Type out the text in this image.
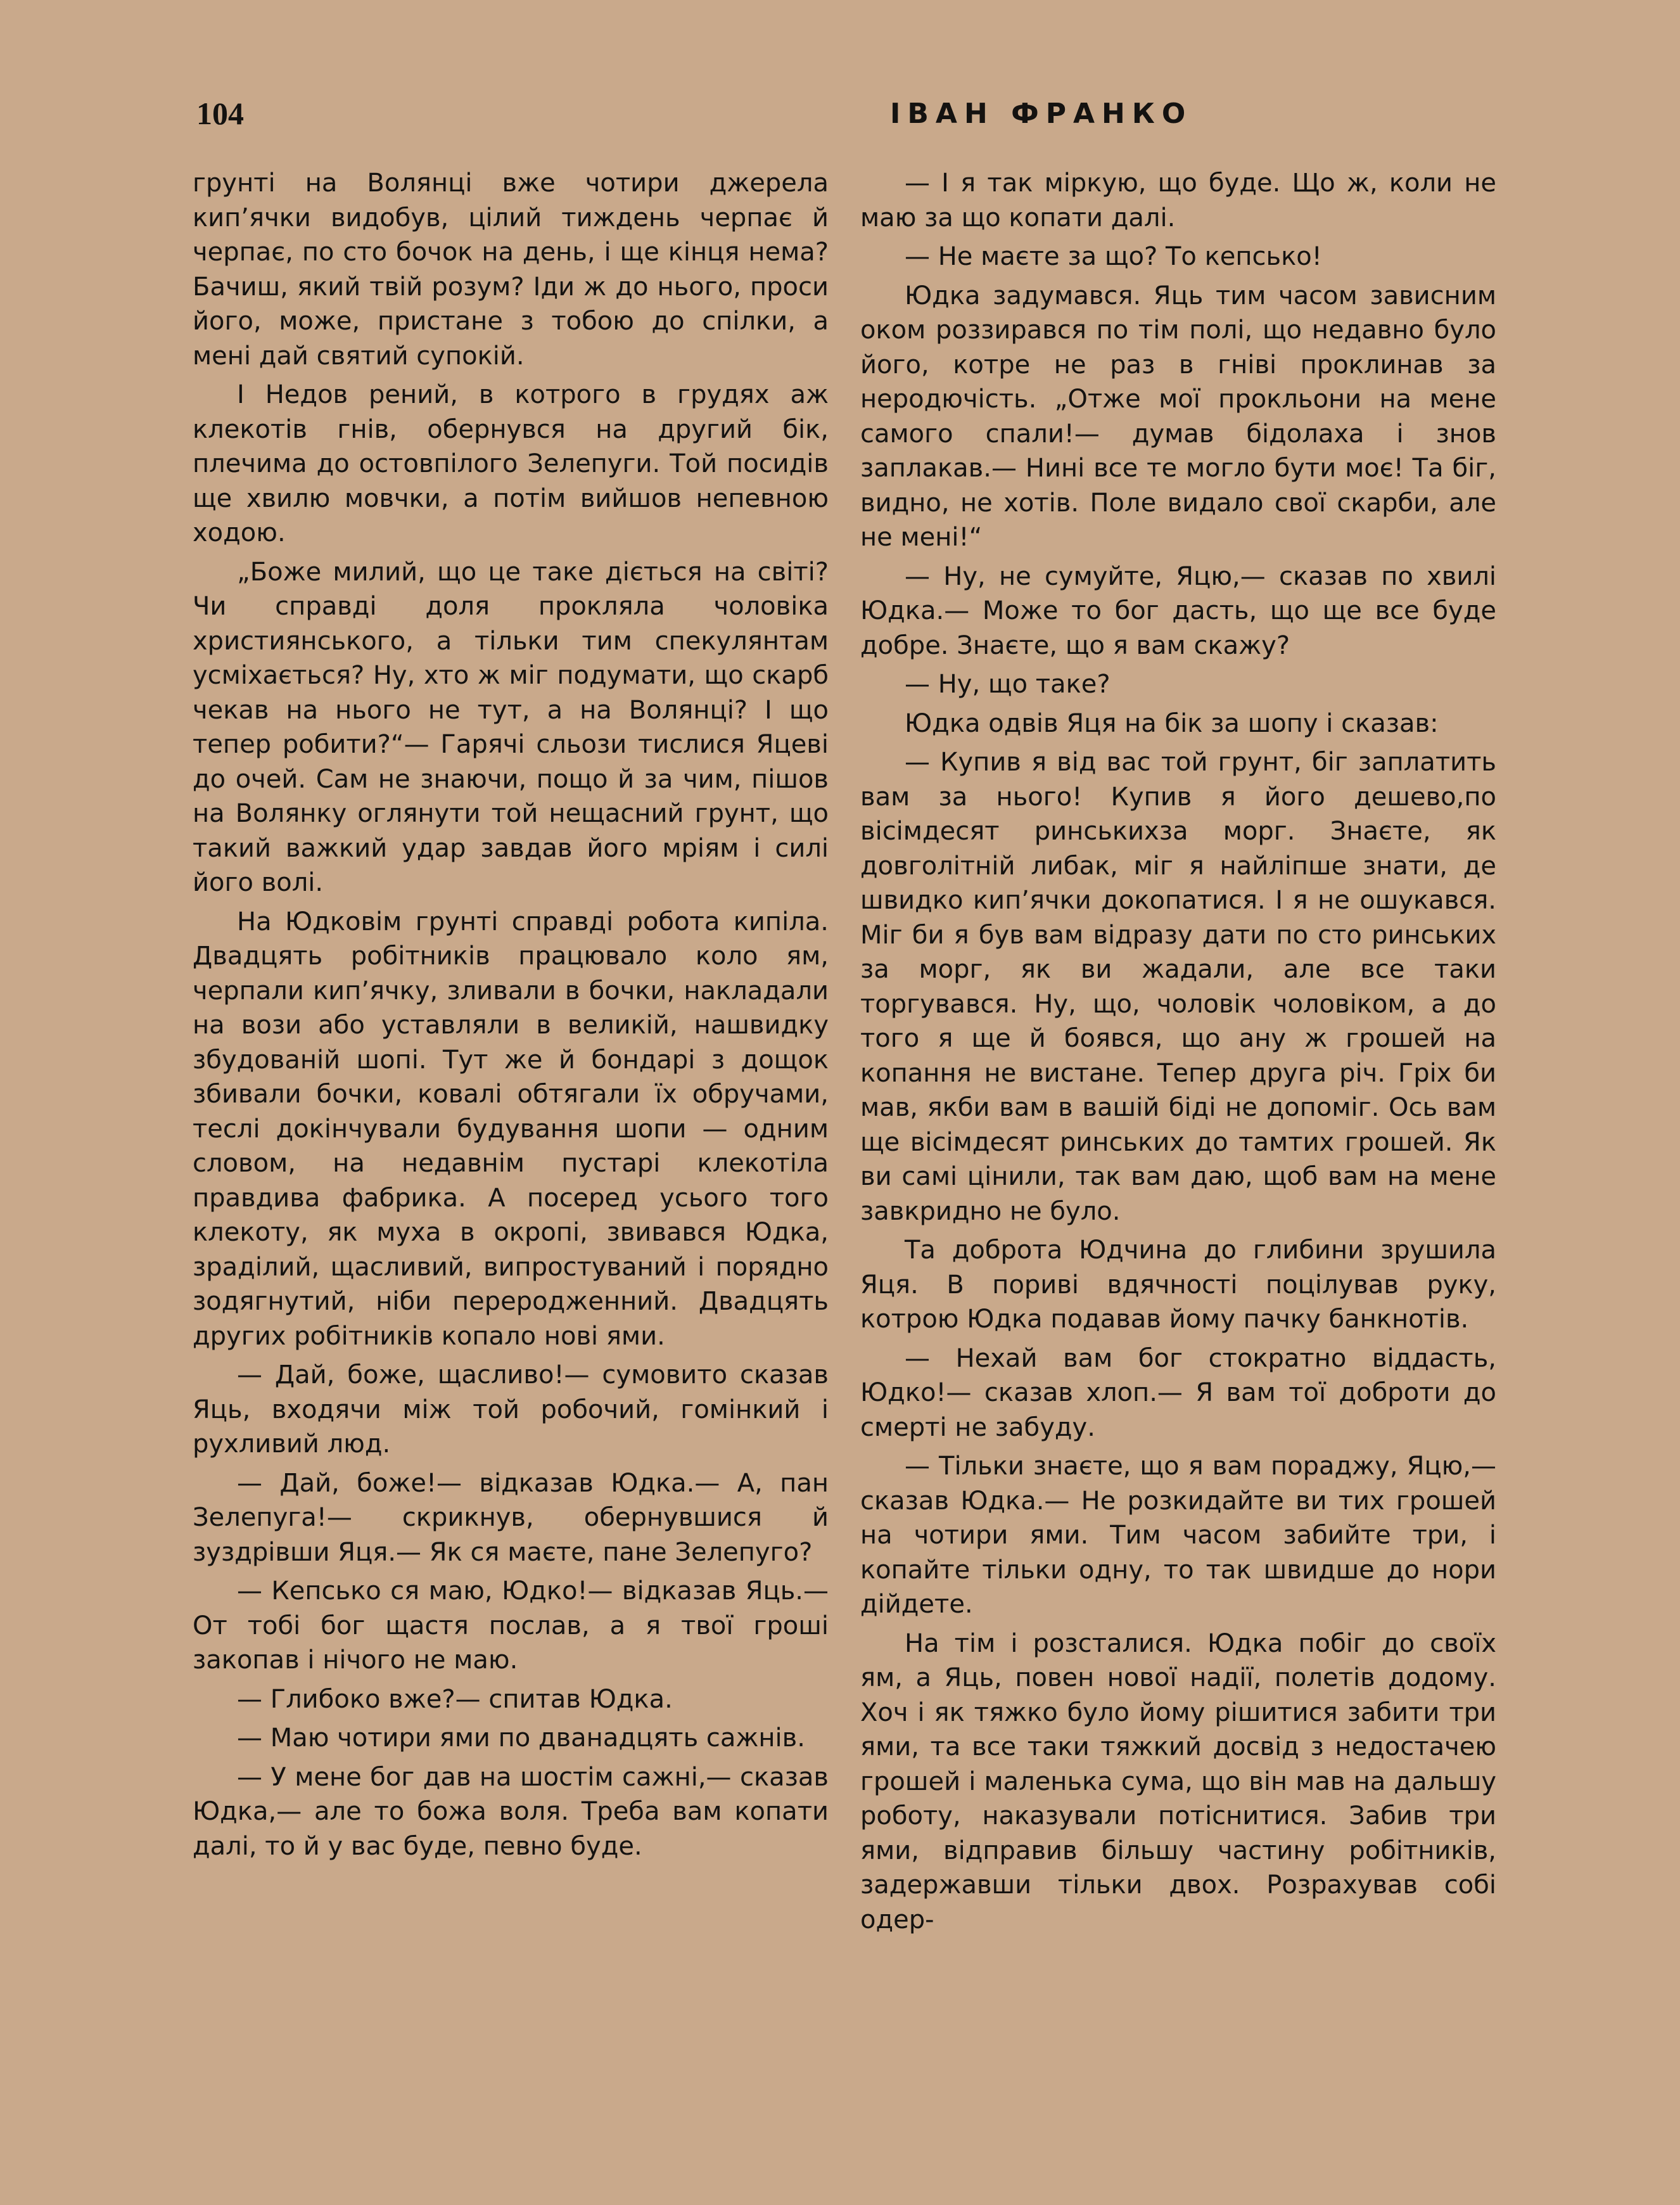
104	ІВАН ФРАНКО

грунті на Волянці вже чотири джерела кип’ячки видобув, цілий тиждень черпає й черпає, по сто бочок на день, і ще кінця нема? Бачиш, який твій розум? Іди ж до нього, проси його, може, пристане з тобою до спілки, а мені дай святий супокій.

І Недов рений, в котрого в грудях аж клекотів гнів, обернувся на другий бік, плечима до остовпілого Зелепуги. Той посидів ще хвилю мовчки, а потім вийшов непевною ходою.

„Боже милий, що це таке діється на світі? Чи справді доля прокляла чоловіка християнського, а тільки тим спекулянтам усміхається? Ну, хто ж міг подумати, що скарб чекав на нього не тут, а на Волянці? І що тепер робити?“— Гарячі сльози тислися Яцеві до очей. Сам не знаючи, пощо й за чим, пішов на Волянку оглянути той нещасний грунт, що такий важкий удар завдав його мріям і силі його волі.

На Юдковім грунті справді робота кипіла. Двадцять робітників працювало коло ям, черпали кип’ячку, зливали в бочки, накладали на вози або уставляли в великій, нашвидку збудованій шопі. Тут же й бондарі з дощок збивали бочки, ковалі обтягали їх обручами, теслі докінчували будування шопи — одним словом, на недавнім пустарі клекотіла правдива фабрика. А посеред усього того клекоту, як муха в окропі, звивався Юдка, зраділий, щасливий, випростуваний і порядно зодягнутий, ніби переродженний. Двадцять других робітників копало нові ями.

— Дай, боже, щасливо!— сумовито сказав Яць, входячи між той робочий, гомінкий і рухливий люд.

— Дай, боже!— відказав Юдка.— А, пан Зелепуга!— скрикнув, обернувшися й зуздрівши Яця.— Як ся маєте, пане Зелепуго?

— Кепсько ся маю, Юдко!— відказав Яць.— От тобі бог щастя послав, а я твої гроші закопав і нічого не маю.

— Глибоко вже?— спитав Юдка.

— Маю чотири ями по дванадцять сажнів.

— У мене бог дав на шостім сажні,— сказав Юдка,— але то божа воля. Треба вам копати далі, то й у вас буде, певно буде.

— І я так міркую, що буде. Що ж, коли не маю за що копати далі.

— Не маєте за що? То кепсько!

Юдка задумався. Яць тим часом зависним оком роззирався по тім полі, що недавно було його, котре не раз в гніві проклинав за неродючість. „Отже мої прокльони на мене самого спали!— думав бідолаха і знов заплакав.— Нині все те могло бути моє! Та біг, видно, не хотів. Поле видало свої скарби, але не мені!“

— Ну, не сумуйте, Яцю,— сказав по хвилі Юдка.— Може то бог дасть, що ще все буде добре. Знаєте, що я вам скажу?

— Ну, що таке?

Юдка одвів Яця на бік за шопу і сказав:

— Купив я від вас той грунт, біг заплатить вам за нього! Купив я його дешево,по вісімдесят ринськихза морг. Знаєте, як довголітній либак, міг я найліпше знати, де швидко кип’ячки докопатися. І я не ошукався. Міг би я був вам відразу дати по сто ринських за морг, як ви жадали, але все таки торгувався. Ну, що, чоловік чоловіком, а до того я ще й боявся, що ану ж грошей на копання не вистане. Тепер друга річ. Гріх би мав, якби вам в вашій біді не допоміг. Ось вам ще вісімдесят ринських до тамтих грошей. Як ви самі цінили, так вам даю, щоб вам на мене завкридно не було.

Та доброта Юдчина до глибини зрушила Яця. В пориві вдячності поцілував руку, котрою Юдка подавав йому пачку банкнотів.

— Нехай вам бог стократно віддасть, Юдко!— сказав хлоп.— Я вам тої доброти до смерті не забуду.

— Тільки знаєте, що я вам пораджу, Яцю,— сказав Юдка.— Не розкидайте ви тих грошей на чотири ями. Тим часом забийте три, і копайте тільки одну, то так швидше до нори дійдете.

На тім і розсталися. Юдка побіг до своїх ям, а Яць, повен нової надії, полетів додому. Хоч і як тяжко було йому рішитися забити три ями, та все таки тяжкий досвід з недостачею грошей і маленька сума, що він мав на дальшу роботу, наказували потіснитися. Забив три ями, відправив більшу частину робітників, задержавши тільки двох. Розрахував собі одер-
